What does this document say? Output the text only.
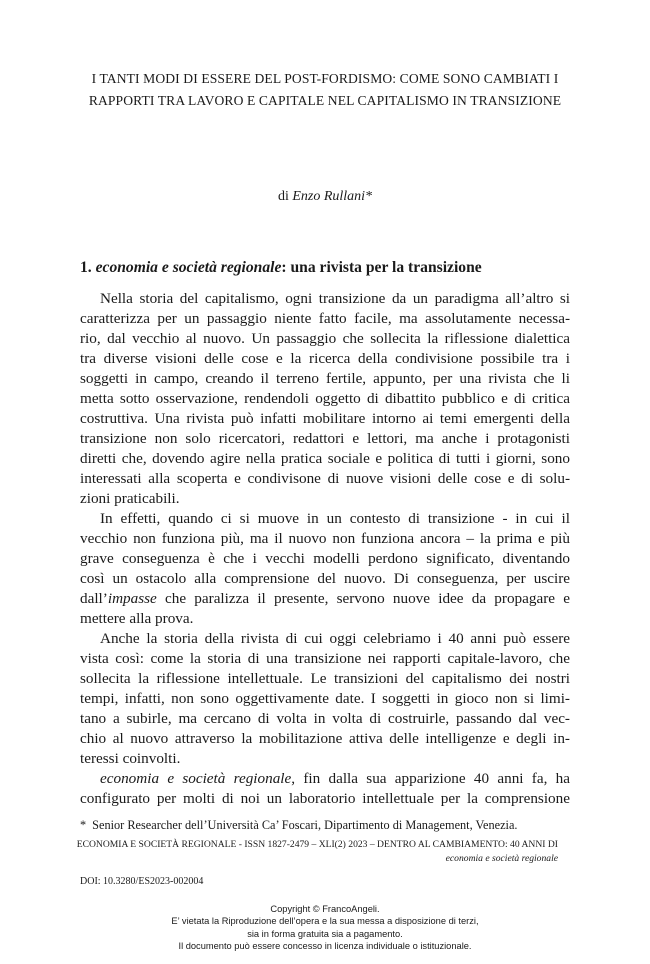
I TANTI MODI DI ESSERE DEL POST-FORDISMO: COME SONO CAMBIATI I
RAPPORTI TRA LAVORO E CAPITALE NEL CAPITALISMO IN TRANSIZIONE
di Enzo Rullani*
1. economia e società regionale: una rivista per la transizione
Nella storia del capitalismo, ogni transizione da un paradigma all’altro si
caratterizza per un passaggio niente fatto facile, ma assolutamente necessa-
rio, dal vecchio al nuovo. Un passaggio che sollecita la riflessione dialettica
tra diverse visioni delle cose e la ricerca della condivisione possibile tra i
soggetti in campo, creando il terreno fertile, appunto, per una rivista che li
metta sotto osservazione, rendendoli oggetto di dibattito pubblico e di critica
costruttiva. Una rivista può infatti mobilitare intorno ai temi emergenti della
transizione non solo ricercatori, redattori e lettori, ma anche i protagonisti
diretti che, dovendo agire nella pratica sociale e politica di tutti i giorni, sono
interessati alla scoperta e condivisone di nuove visioni delle cose e di solu-
zioni praticabili.
In effetti, quando ci si muove in un contesto di transizione - in cui il
vecchio non funziona più, ma il nuovo non funziona ancora – la prima e più
grave conseguenza è che i vecchi modelli perdono significato, diventando
così un ostacolo alla comprensione del nuovo. Di conseguenza, per uscire
dall’impasse che paralizza il presente, servono nuove idee da propagare e
mettere alla prova.
Anche la storia della rivista di cui oggi celebriamo i 40 anni può essere
vista così: come la storia di una transizione nei rapporti capitale-lavoro, che
sollecita la riflessione intellettuale. Le transizioni del capitalismo dei nostri
tempi, infatti, non sono oggettivamente date. I soggetti in gioco non si limi-
tano a subirle, ma cercano di volta in volta di costruirle, passando dal vec-
chio al nuovo attraverso la mobilitazione attiva delle intelligenze e degli in-
teressi coinvolti.
economia e società regionale, fin dalla sua apparizione 40 anni fa, ha
configurato per molti di noi un laboratorio intellettuale per la comprensione
* Senior Researcher dell’Università Ca’ Foscari, Dipartimento di Management, Venezia.
ECONOMIA E SOCIETÀ REGIONALE - ISSN 1827-2479 – XLI(2) 2023 – DENTRO AL CAMBIAMENTO: 40 ANNI DI
economia e società regionale
DOI: 10.3280/ES2023-002004
Copyright © FrancoAngeli.
E’ vietata la Riproduzione dell’opera e la sua messa a disposizione di terzi,
sia in forma gratuita sia a pagamento.
Il documento può essere concesso in licenza individuale o istituzionale.
